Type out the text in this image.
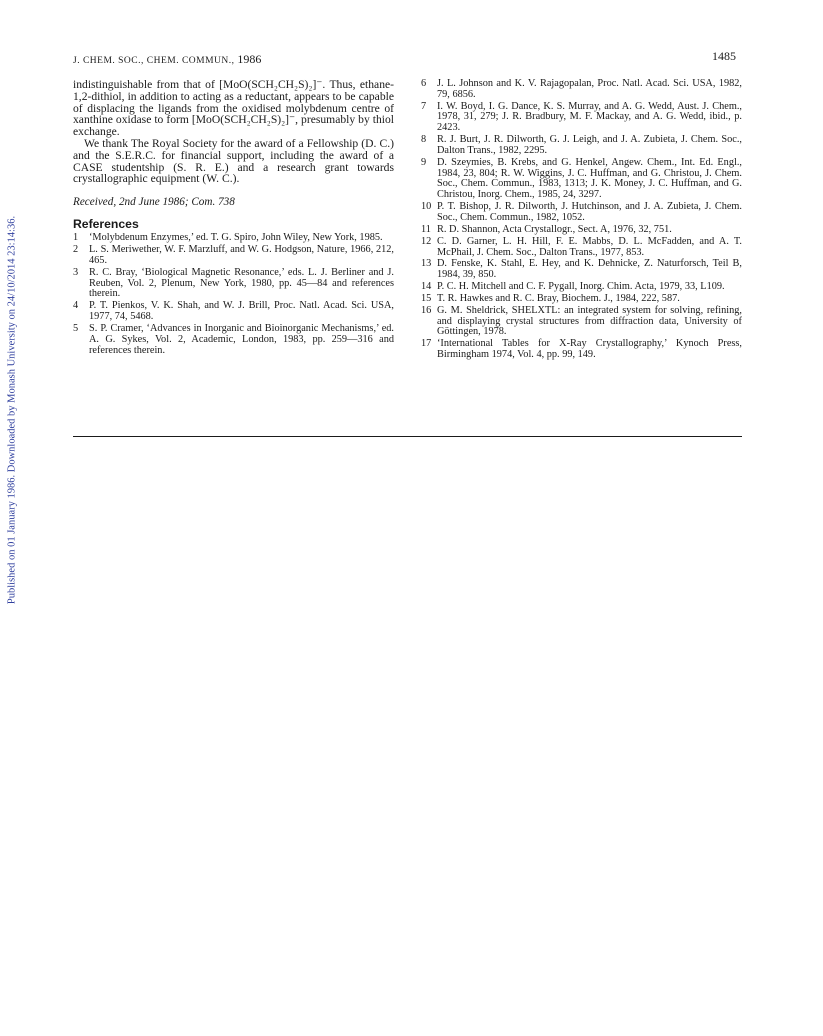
Published on 01 January 1986. Downloaded by Monash University on 24/10/2014 23:14:36.
J. CHEM. SOC., CHEM. COMMUN., 1986	1485

indistinguishable from that of [MoO(SCH₂CH₂S)₂]⁻. Thus, ethane-1,2-dithiol, in addition to acting as a reductant, appears to be capable of displacing the ligands from the oxidised molybdenum centre of xanthine oxidase to form [MoO(SCH₂CH₂S)₂]⁻, presumably by thiol exchange.

We thank The Royal Society for the award of a Fellowship (D. C.) and the S.E.R.C. for financial support, including the award of a CASE studentship (S. R. E.) and a research grant towards crystallographic equipment (W. C.).

Received, 2nd June 1986; Com. 738

References
1	‘Molybdenum Enzymes,’ ed. T. G. Spiro, John Wiley, New York, 1985.
2	L. S. Meriwether, W. F. Marzluff, and W. G. Hodgson, Nature, 1966, 212, 465.
3	R. C. Bray, ‘Biological Magnetic Resonance,’ eds. L. J. Berliner and J. Reuben, Vol. 2, Plenum, New York, 1980, pp. 45—84 and references therein.
4	P. T. Pienkos, V. K. Shah, and W. J. Brill, Proc. Natl. Acad. Sci. USA, 1977, 74, 5468.
5	S. P. Cramer, ‘Advances in Inorganic and Bioinorganic Mechanisms,’ ed. A. G. Sykes, Vol. 2, Academic, London, 1983, pp. 259—316 and references therein.
6	J. L. Johnson and K. V. Rajagopalan, Proc. Natl. Acad. Sci. USA, 1982, 79, 6856.
7	I. W. Boyd, I. G. Dance, K. S. Murray, and A. G. Wedd, Aust. J. Chem., 1978, 31, 279; J. R. Bradbury, M. F. Mackay, and A. G. Wedd, ibid., p. 2423.
8	R. J. Burt, J. R. Dilworth, G. J. Leigh, and J. A. Zubieta, J. Chem. Soc., Dalton Trans., 1982, 2295.
9	D. Szeymies, B. Krebs, and G. Henkel, Angew. Chem., Int. Ed. Engl., 1984, 23, 804; R. W. Wiggins, J. C. Huffman, and G. Christou, J. Chem. Soc., Chem. Commun., 1983, 1313; J. K. Money, J. C. Huffman, and G. Christou, Inorg. Chem., 1985, 24, 3297.
10 P. T. Bishop, J. R. Dilworth, J. Hutchinson, and J. A. Zubieta, J. Chem. Soc., Chem. Commun., 1982, 1052.
11 R. D. Shannon, Acta Crystallogr., Sect. A, 1976, 32, 751.
12 C. D. Garner, L. H. Hill, F. E. Mabbs, D. L. McFadden, and A. T. McPhail, J. Chem. Soc., Dalton Trans., 1977, 853.
13 D. Fenske, K. Stahl, E. Hey, and K. Dehnicke, Z. Naturforsch, Teil B, 1984, 39, 850.
14 P. C. H. Mitchell and C. F. Pygall, Inorg. Chim. Acta, 1979, 33, L109.
15 T. R. Hawkes and R. C. Bray, Biochem. J., 1984, 222, 587.
16 G. M. Sheldrick, SHELXTL: an integrated system for solving, refining, and displaying crystal structures from diffraction data, University of Göttingen, 1978.
17 ‘International Tables for X-Ray Crystallography,’ Kynoch Press, Birmingham 1974, Vol. 4, pp. 99, 149.
